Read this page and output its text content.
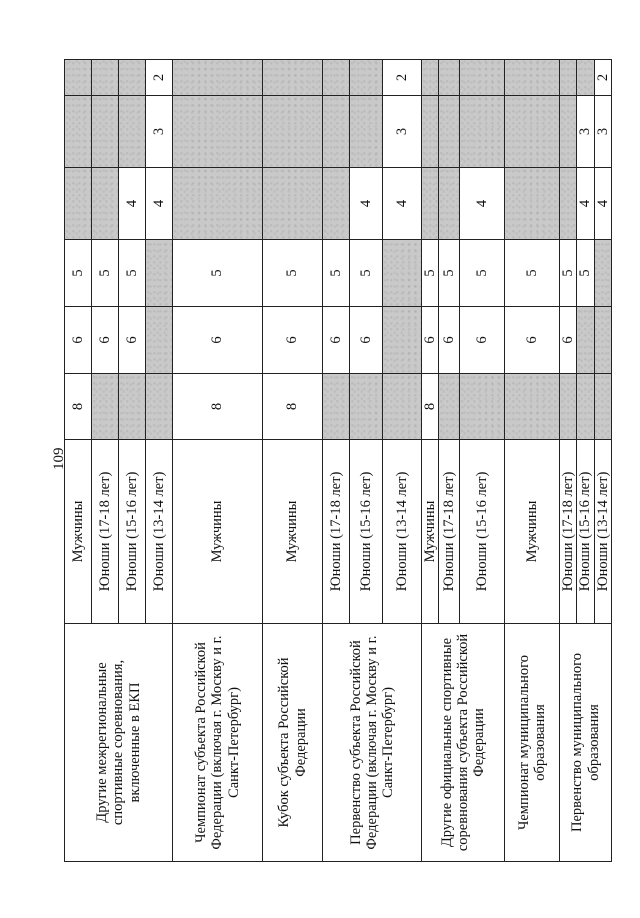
109
Другие межрегиональные спортивные соревнования, включенные в ЕКП	Мужчины	8	6	5			
	Юноши (17-18 лет)		6	5			
	Юноши (15-16 лет)		6	5	4		
	Юноши (13-14 лет)				4	3	2
Чемпионат субъекта Российской Федерации (включая г. Москву и г. Санкт-Петербург)	Мужчины	8	6	5			
Кубок субъекта Российской Федерации	Мужчины	8	6	5			
Первенство субъекта Российской Федерации (включая г. Москву и г. Санкт-Петербург)	Юноши (17-18 лет)		6	5			
	Юноши (15-16 лет)		6	5	4		
	Юноши (13-14 лет)				4	3	2
Другие официальные спортивные соревнования субъекта Российской Федерации	Мужчины	8	6	5			
	Юноши (17-18 лет)		6	5			
	Юноши (15-16 лет)		6	5	4		
Чемпионат муниципального образования	Мужчины		6	5			
Первенство муниципального образования	Юноши (17-18 лет)		6	5			
	Юноши (15-16 лет)			5	4	3	
	Юноши (13-14 лет)				4	3	2
